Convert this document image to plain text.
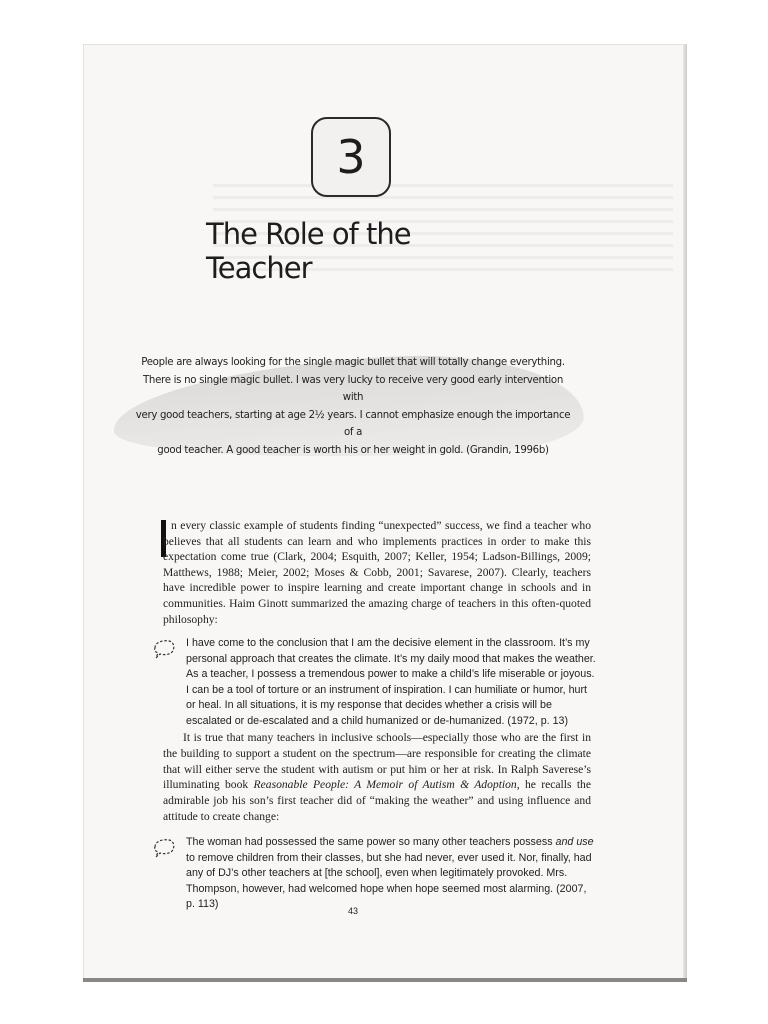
3
The Role of the Teacher
People are always looking for the single magic bullet that will totally change everything.
There is no single magic bullet. I was very lucky to receive very good early intervention with
very good teachers, starting at age 2½ years. I cannot emphasize enough the importance of a
good teacher. A good teacher is worth his or her weight in gold. (Grandin, 1996b)
n every classic example of students finding “unexpected” success, we find a teacher who believes that all students can learn and who implements practices in order to make this expectation come true (Clark, 2004; Esquith, 2007; Keller, 1954; Ladson-Billings, 2009; Matthews, 1988; Meier, 2002; Moses & Cobb, 2001; Savarese, 2007). Clearly, teachers have incredible power to inspire learning and create important change in schools and in communities. Haim Ginott summarized the amazing charge of teachers in this often-quoted philosophy:
I have come to the conclusion that I am the decisive element in the classroom. It’s my personal approach that creates the climate. It’s my daily mood that makes the weather. As a teacher, I possess a tremendous power to make a child’s life miserable or joyous. I can be a tool of torture or an instrument of inspiration. I can humiliate or humor, hurt or heal. In all situations, it is my response that decides whether a crisis will be escalated or de-escalated and a child humanized or de-humanized. (1972, p. 13)
It is true that many teachers in inclusive schools—especially those who are the first in the building to support a student on the spectrum—are responsible for creating the climate that will either serve the student with autism or put him or her at risk. In Ralph Saverese’s illuminating book Reasonable People: A Memoir of Autism & Adoption, he recalls the admirable job his son’s first teacher did of “making the weather” and using influence and attitude to create change:
The woman had possessed the same power so many other teachers possess and use to remove children from their classes, but she had never, ever used it. Nor, finally, had any of DJ’s other teachers at [the school], even when legitimately provoked. Mrs. Thompson, however, had welcomed hope when hope seemed most alarming. (2007, p. 113)
43
